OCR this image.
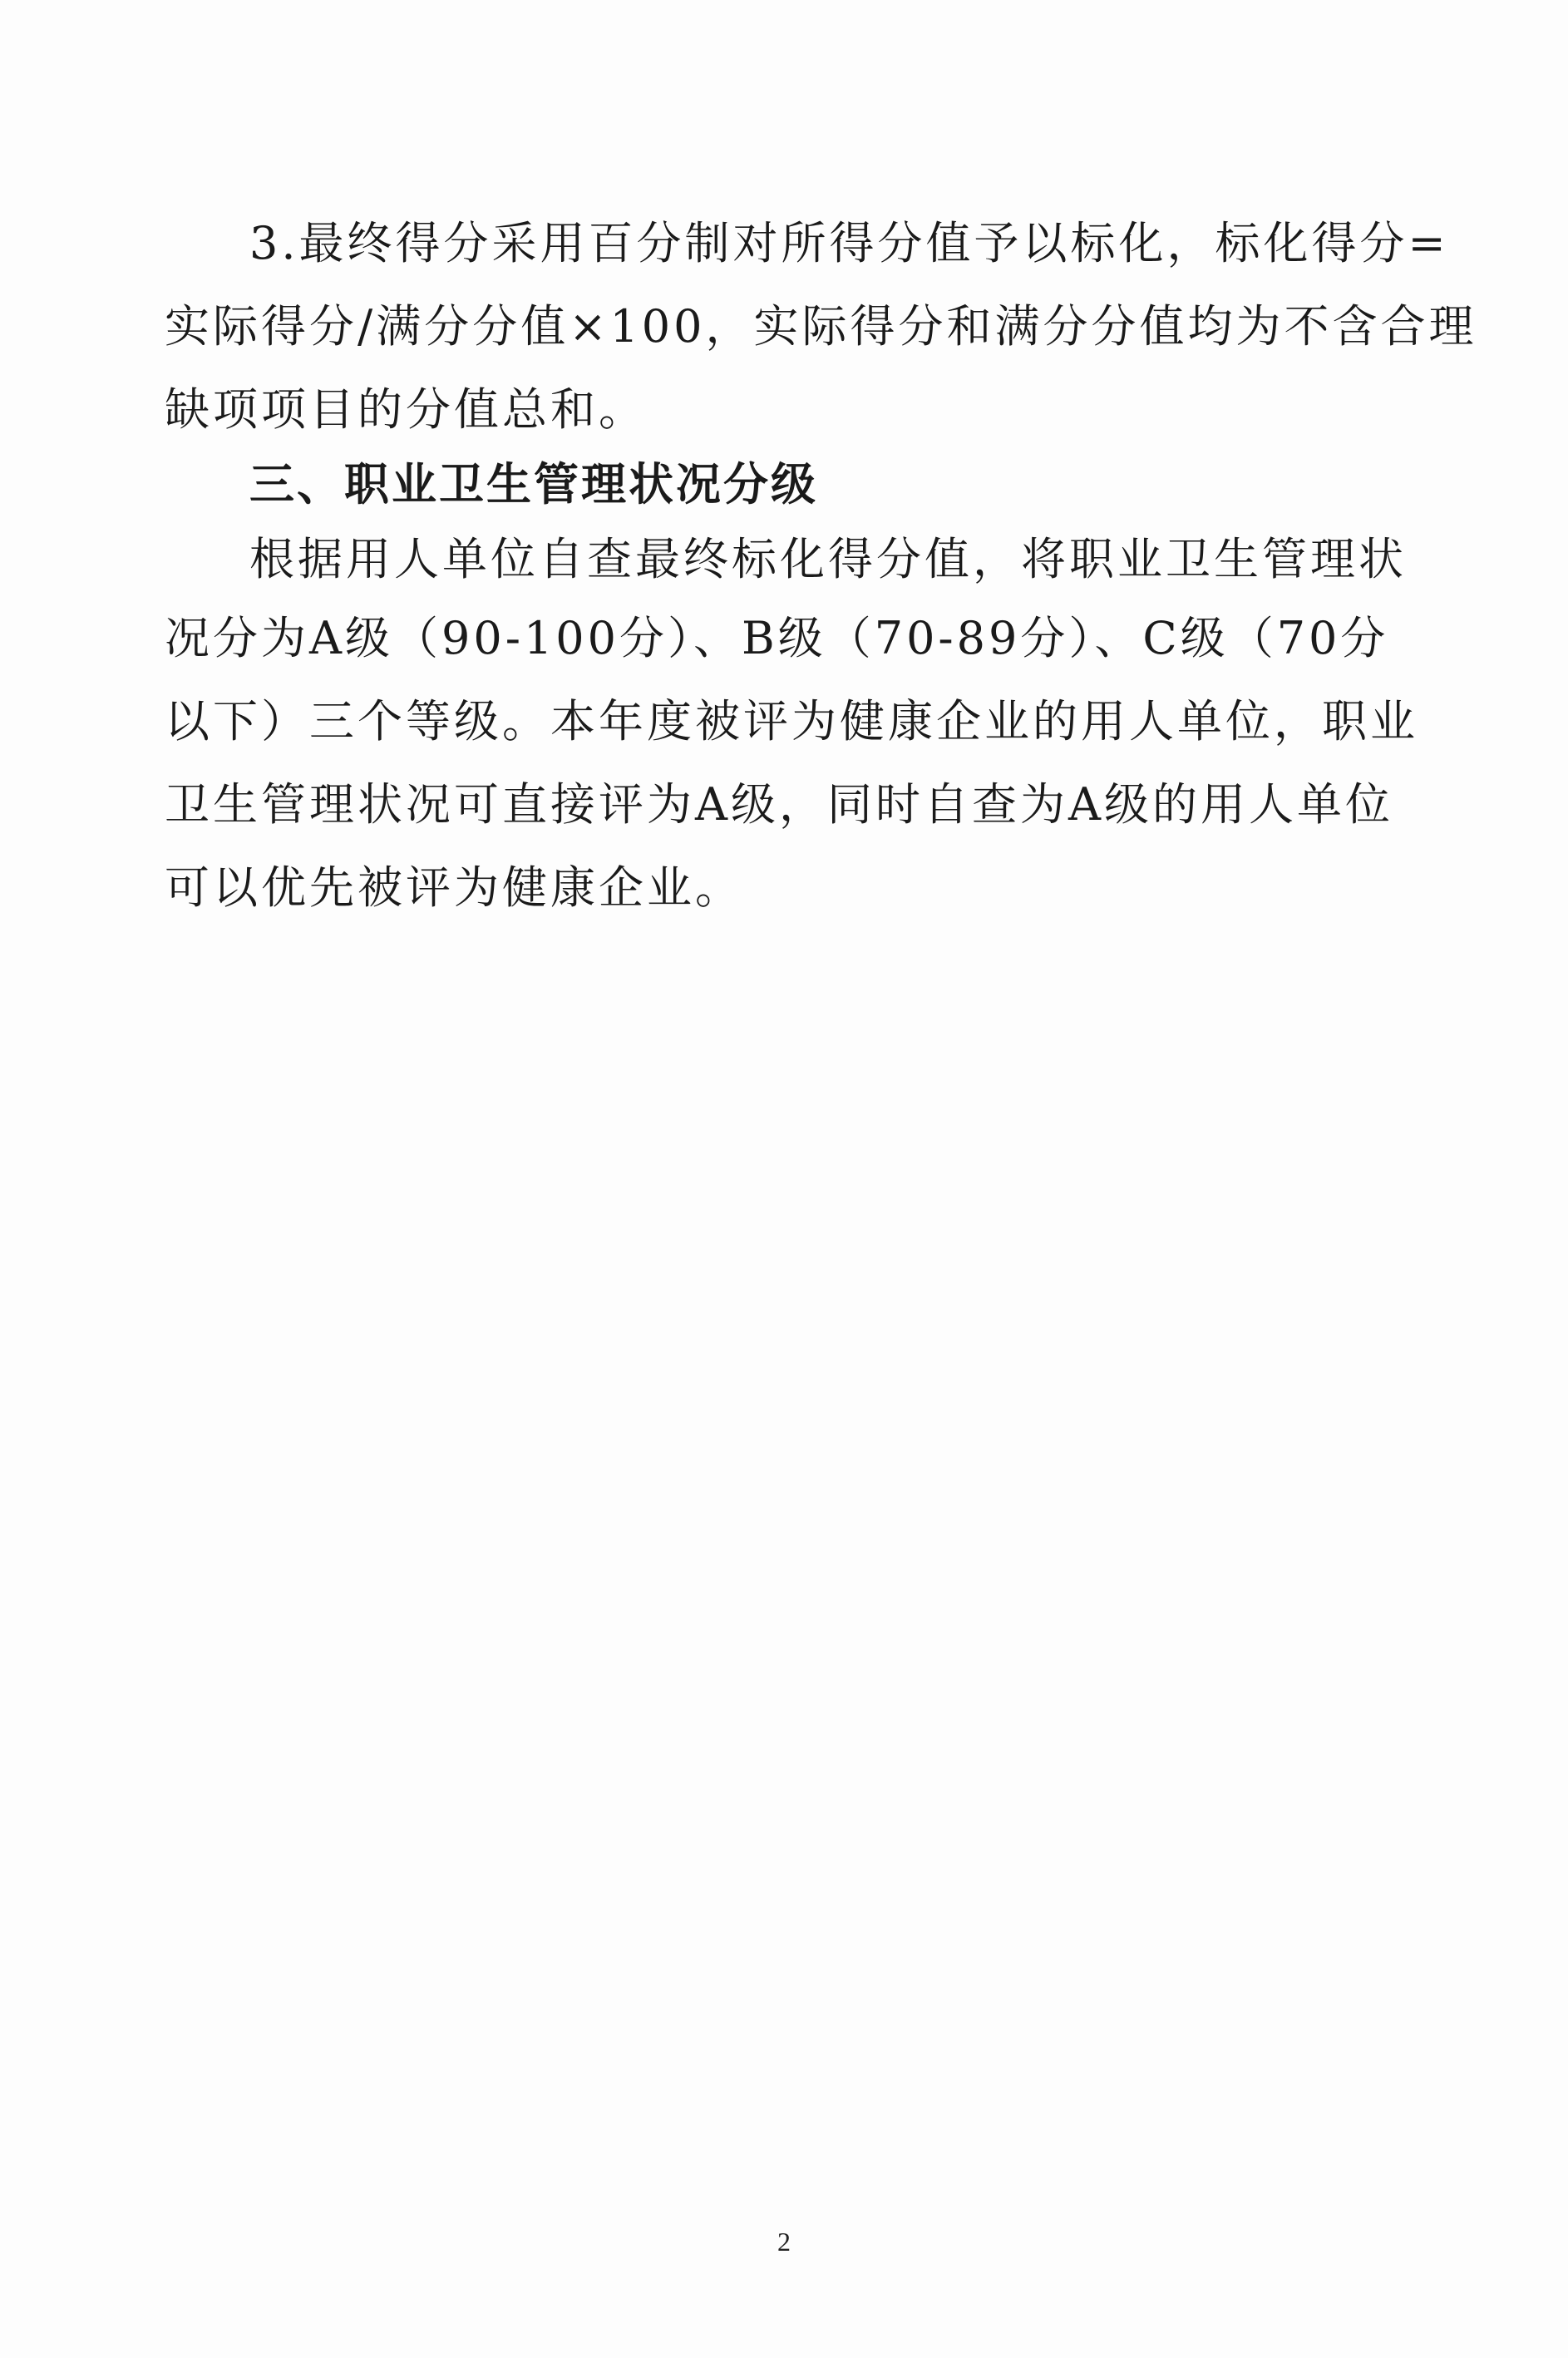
3.最终得分采用百分制对所得分值予以标化，标化得分=
实际得分/满分分值×100，实际得分和满分分值均为不含合理
缺项项目的分值总和。
三、职业卫生管理状况分级
根据用人单位自查最终标化得分值，将职业卫生管理状
况分为A级（90-100分）、B级（70-89分）、C级（70分
以下）三个等级。本年度被评为健康企业的用人单位，职业
卫生管理状况可直接评为A级，同时自查为A级的用人单位
可以优先被评为健康企业。
2
